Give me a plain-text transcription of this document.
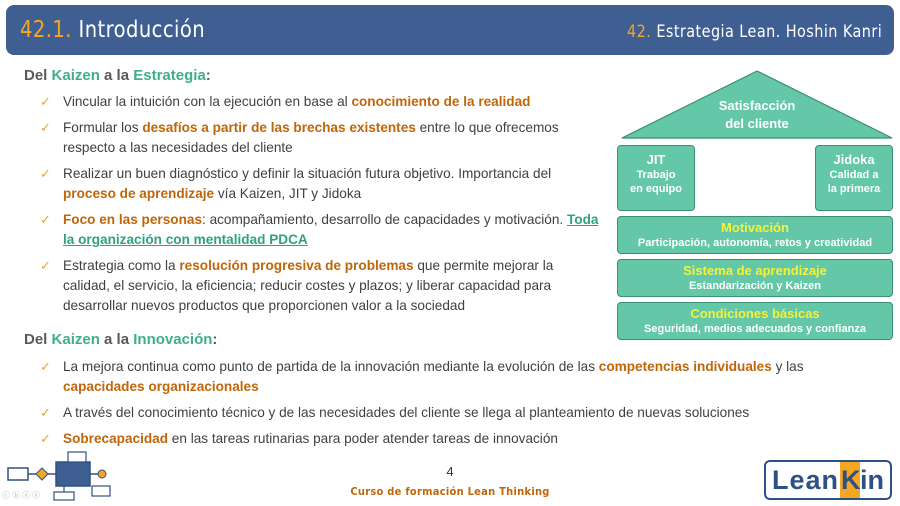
42.1. Introducción	42. Estrategia Lean. Hoshin Kanri
Del Kaizen a la Estrategia:
✓ Vincular la intuición con la ejecución en base al conocimiento de la realidad
✓ Formular los desafíos a partir de las brechas existentes entre lo que ofrecemos respecto a las necesidades del cliente
✓ Realizar un buen diagnóstico y definir la situación futura objetivo. Importancia del proceso de aprendizaje vía Kaizen, JIT y Jidoka
✓ Foco en las personas: acompañamiento, desarrollo de capacidades y motivación. Toda la organización con mentalidad PDCA
✓ Estrategia como la resolución progresiva de problemas que permite mejorar la calidad, el servicio, la eficiencia; reducir costes y plazos; y liberar capacidad para desarrollar nuevos productos que proporcionen valor a la sociedad
Del Kaizen a la Innovación:
✓ La mejora continua como punto de partida de la innovación mediante la evolución de las competencias individuales y las capacidades organizacionales
✓ A través del conocimiento técnico y de las necesidades del cliente se llega al planteamiento de nuevas soluciones
✓ Sobrecapacidad en las tareas rutinarias para poder atender tareas de innovación
Satisfacción
del cliente
JIT
Trabajo
en equipo
Jidoka
Calidad a
la primera
Motivación
Participación, autonomía, retos y creatividad
Sistema de aprendizaje
Estandarización y Kaizen
Condiciones básicas
Seguridad, medios adecuados y confianza
ⓒⓑⓢⓐ
4
Curso de formación Lean Thinking	Lean K in
